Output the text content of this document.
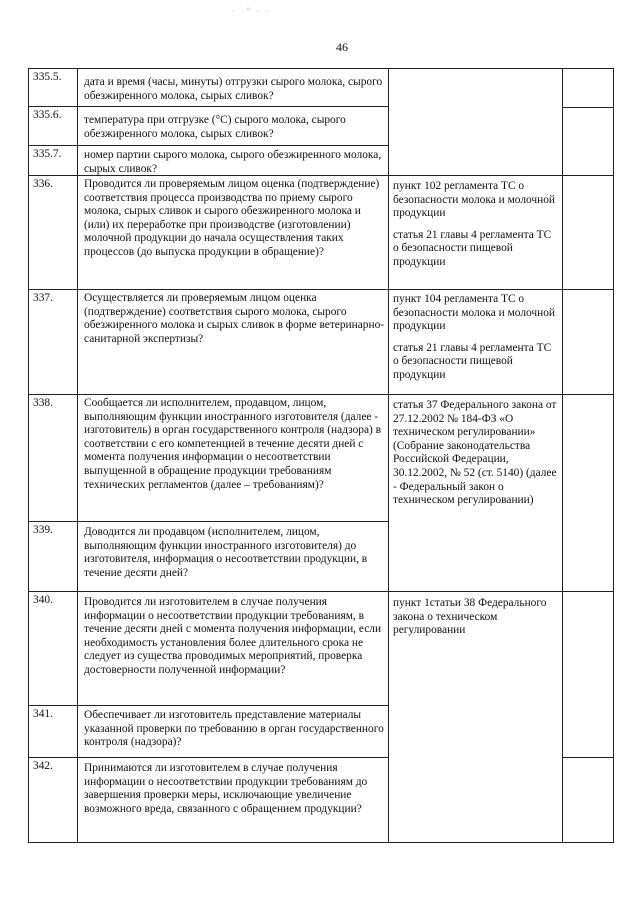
· ·° · ·
46
335.5.
335.6.
335.7.
336.
337.
338.
339.
340.
341.
342.
дата и время (часы, минуты) отгрузки сырого молока, сырого обезжиренного молока, сырых сливок?
температура при отгрузке (°С) сырого молока, сырого обезжиренного молока, сырых сливок?
номер партии сырого молока, сырого обезжиренного молока, сырых сливок?
Проводится ли проверяемым лицом оценка (подтверждение) соответствия процесса производства по приему сырого молока, сырых сливок и сырого обезжиренного молока и (или) их переработке при производстве (изготовлении) молочной продукции до начала осуществления таких процессов (до выпуска продукции в обращение)?
Осуществляется ли проверяемым лицом оценка (подтверждение) соответствия сырого молока, сырого обезжиренного молока и сырых сливок в форме ветеринарно-санитарной экспертизы?
Сообщается ли исполнителем, продавцом, лицом, выполняющим функции иностранного изготовителя (далее - изготовитель) в орган государственного контроля (надзора) в соответствии с его компетенцией в течение десяти дней с момента получения информации о несоответствии выпущенной в обращение продукции требованиям технических регламентов (далее – требованиям)?
Доводится ли продавцом (исполнителем, лицом, выполняющим функции иностранного изготовителя) до изготовителя, информация о несоответствии продукции, в течение десяти дней?
Проводится ли изготовителем в случае получения информации о несоответствии продукции требованиям, в течение десяти дней с момента получения информации, если необходимость установления более длительного срока не следует из существа проводимых мероприятий, проверка достоверности полученной информации?
Обеспечивает ли изготовитель представление материалы указанной проверки по требованию в орган государственного контроля (надзора)?
Принимаются ли изготовителем в случае получения информации о несоответствии продукции требованиям до завершения проверки меры, исключающие увеличение возможного вреда, связанного с обращением продукции?

пункт 102 регламента ТС о безопасности молока и молочной продукции

статья 21 главы 4 регламента ТС о безопасности пищевой продукции

пункт 104 регламента ТС о безопасности молока и молочной продукции

статья 21 главы 4 регламента ТС о безопасности пищевой продукции

статья 37 Федерального закона от 27.12.2002 № 184-ФЗ «О техническом регулировании» (Собрание законодательства Российской Федерации, 30.12.2002, № 52 (ст. 5140) (далее - Федеральный закон о техническом регулировании)

пункт 1статьи 38 Федерального закона о техническом регулировании
